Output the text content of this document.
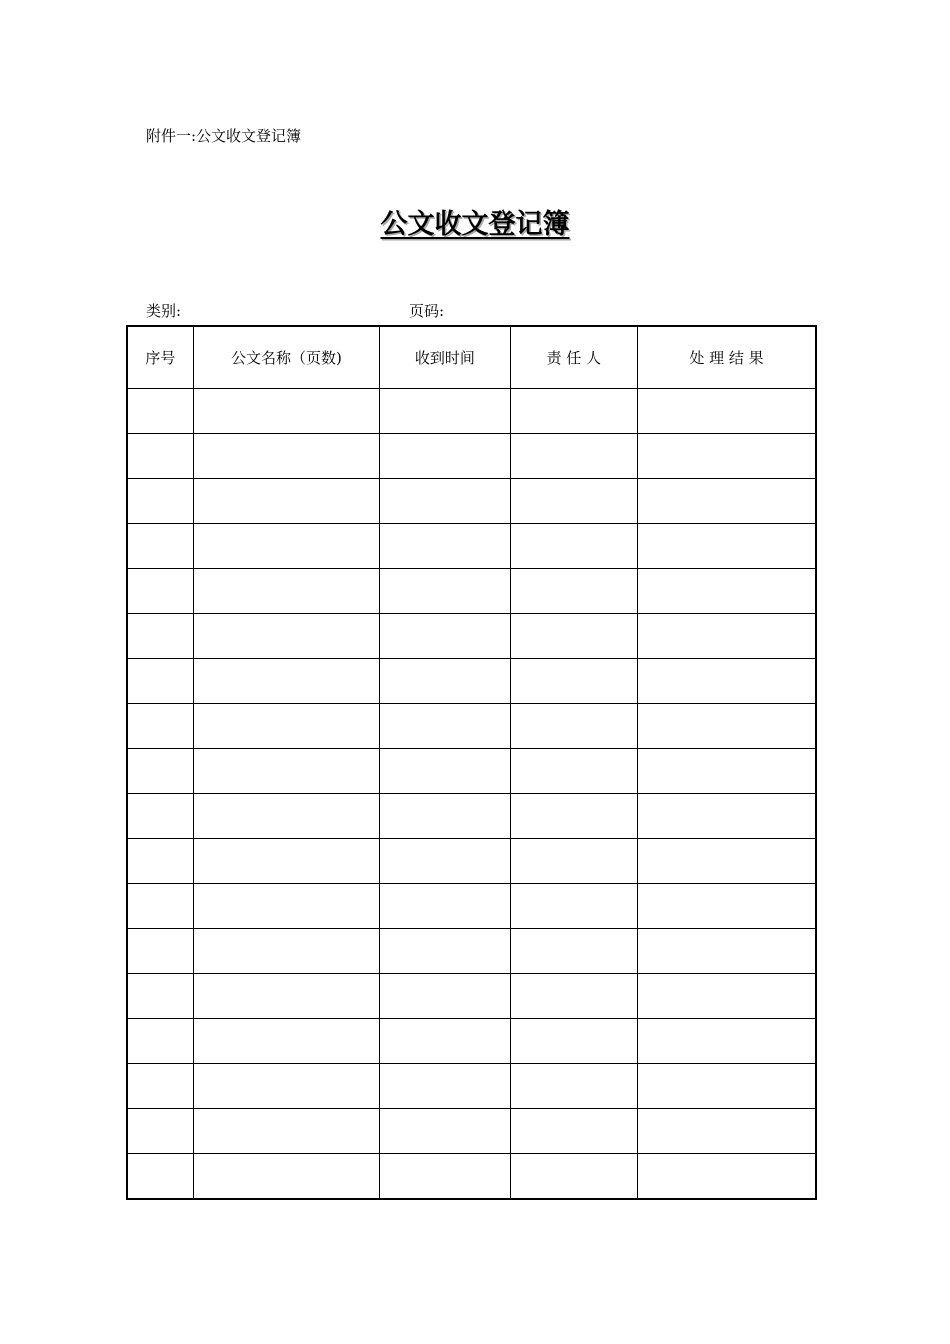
附件一:公文收文登记簿
公文收文登记簿
类别:	页码:
序号	公文名称（页数)	收到时间	责 任 人	处 理 结 果
